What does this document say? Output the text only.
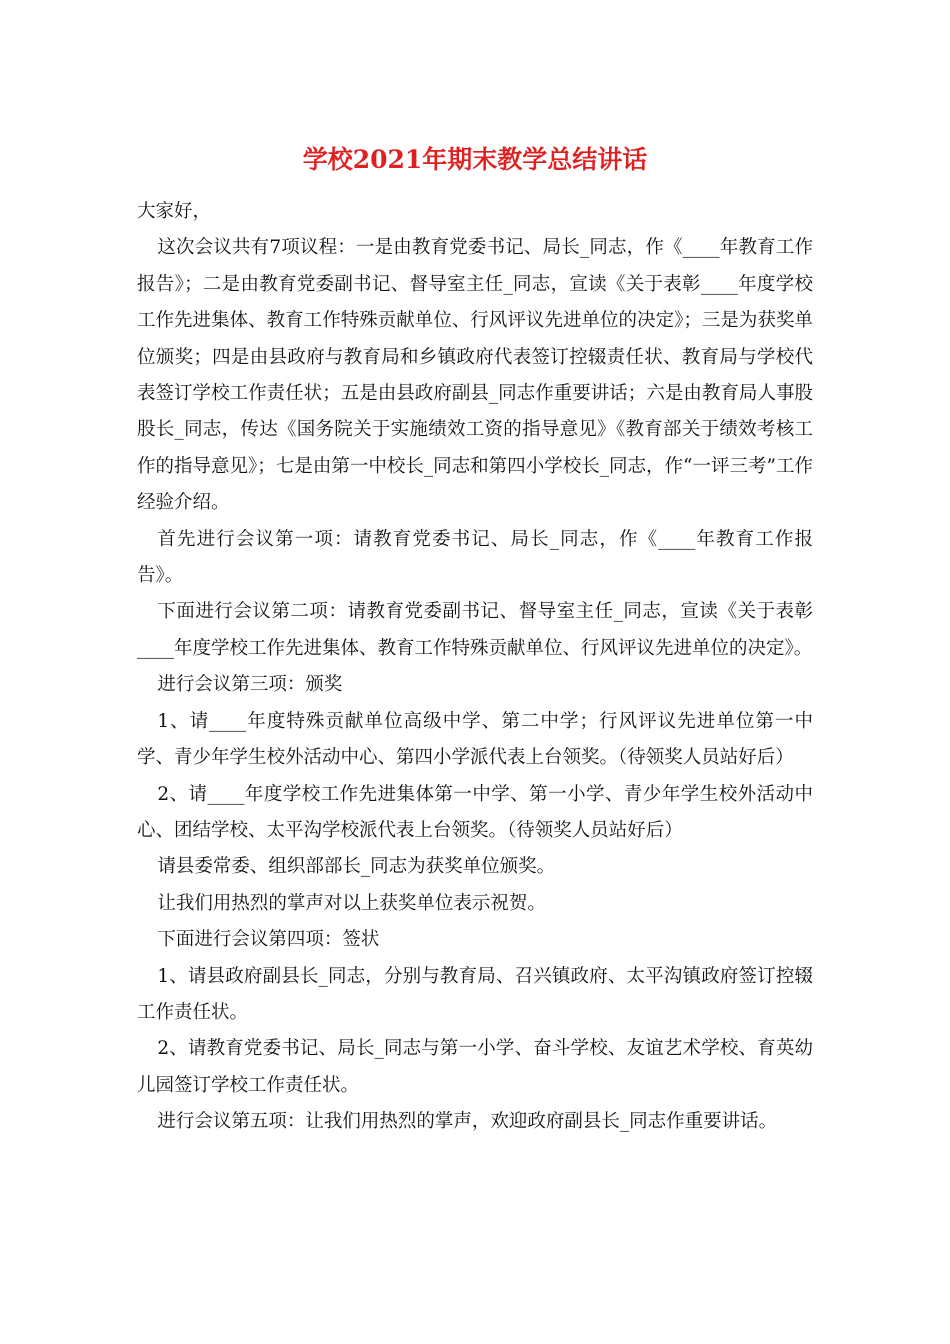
学校2021年期末教学总结讲话

大家好，

这次会议共有7项议程：一是由教育党委书记、局长_同志，作《____年教育工作报告》；二是由教育党委副书记、督导室主任_同志，宣读《关于表彰____年度学校工作先进集体、教育工作特殊贡献单位、行风评议先进单位的决定》；三是为获奖单位颁奖；四是由县政府与教育局和乡镇政府代表签订控辍责任状、教育局与学校代表签订学校工作责任状；五是由县政府副县_同志作重要讲话；六是由教育局人事股股长_同志，传达《国务院关于实施绩效工资的指导意见》《教育部关于绩效考核工作的指导意见》；七是由第一中校长_同志和第四小学校长_同志，作“一评三考”工作经验介绍。

首先进行会议第一项：请教育党委书记、局长_同志，作《____年教育工作报告》。

下面进行会议第二项：请教育党委副书记、督导室主任_同志，宣读《关于表彰____年度学校工作先进集体、教育工作特殊贡献单位、行风评议先进单位的决定》。

进行会议第三项：颁奖

1、请____年度特殊贡献单位高级中学、第二中学；行风评议先进单位第一中学、青少年学生校外活动中心、第四小学派代表上台领奖。（待领奖人员站好后）

2、请____年度学校工作先进集体第一中学、第一小学、青少年学生校外活动中心、团结学校、太平沟学校派代表上台领奖。（待领奖人员站好后）

请县委常委、组织部部长_同志为获奖单位颁奖。

让我们用热烈的掌声对以上获奖单位表示祝贺。

下面进行会议第四项：签状

1、请县政府副县长_同志，分别与教育局、召兴镇政府、太平沟镇政府签订控辍工作责任状。

2、请教育党委书记、局长_同志与第一小学、奋斗学校、友谊艺术学校、育英幼儿园签订学校工作责任状。

进行会议第五项：让我们用热烈的掌声，欢迎政府副县长_同志作重要讲话。
